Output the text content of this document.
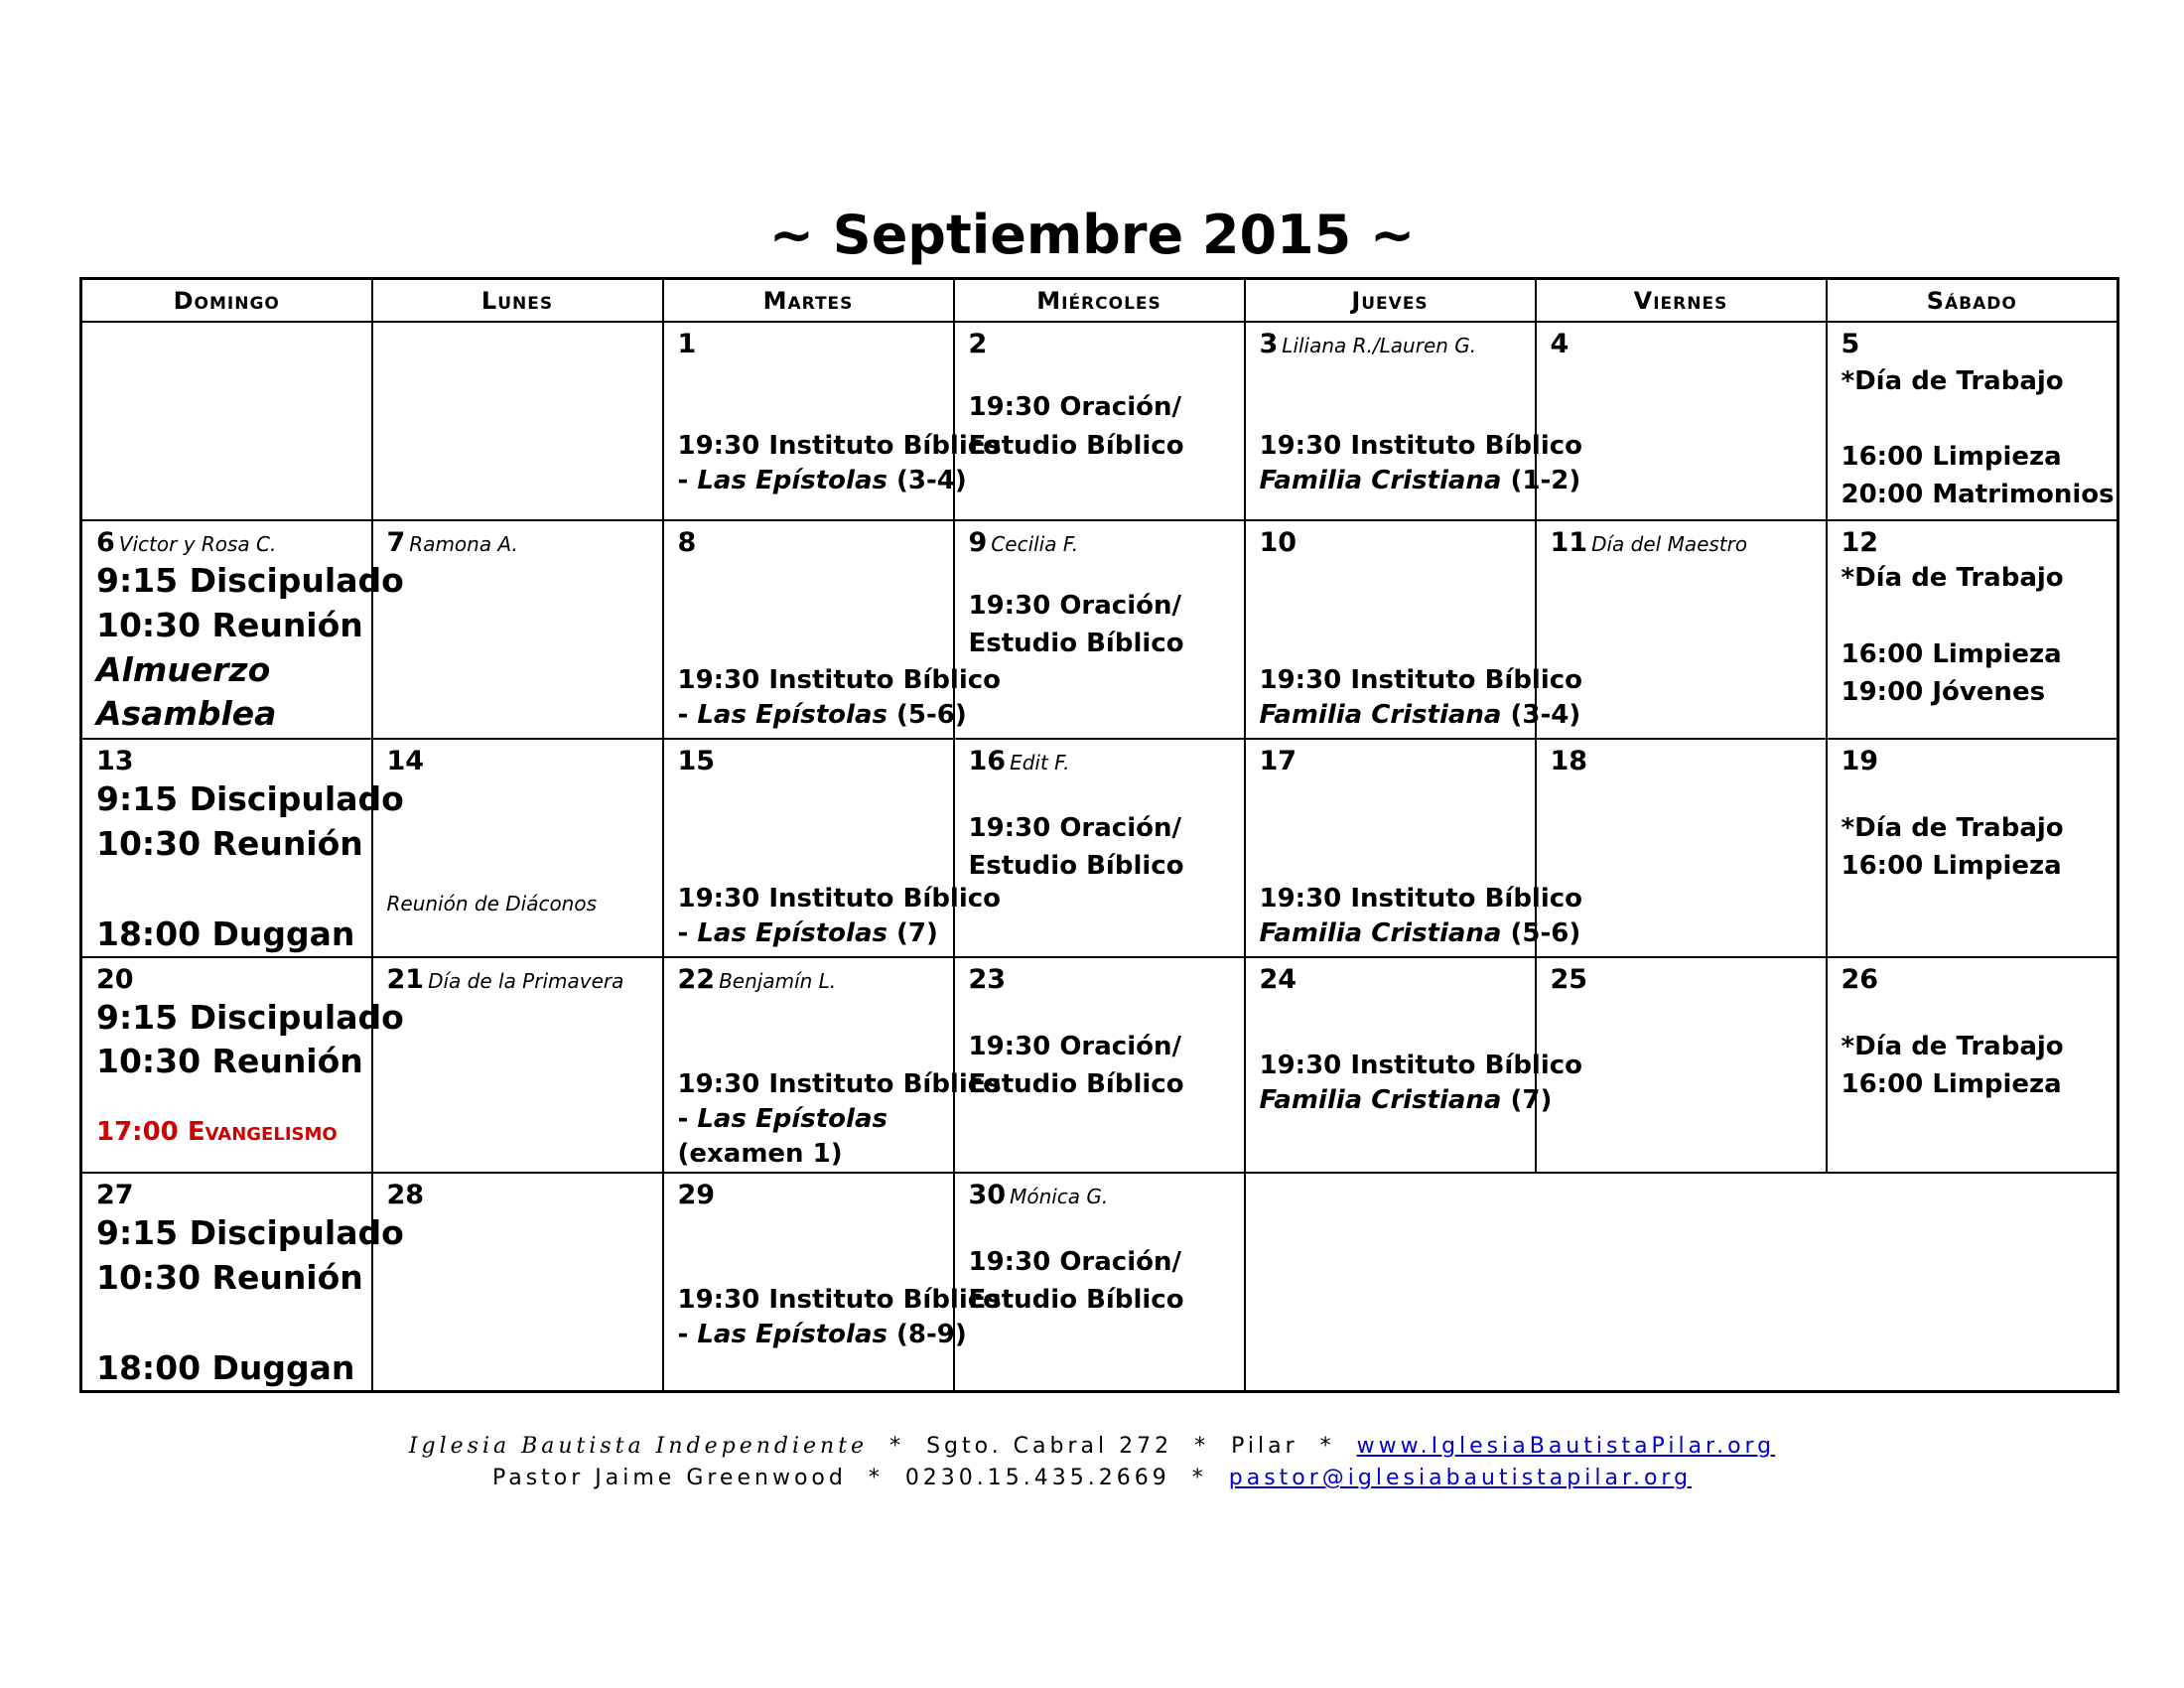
~ Septiembre 2015 ~
Domingo	Lunes	Martes	Miércoles	Jueves	Viernes	Sábado

		1
19:30 Instituto Bíblico
- Las Epístolas (3-4)	2
19:30 Oración/
Estudio Bíblico	3 Liliana R./Lauren G.
19:30 Instituto Bíblico
Familia Cristiana (1-2)	4	5
*Día de Trabajo
16:00 Limpieza
20:00 Matrimonios

6 Victor y Rosa C.
9:15 Discipulado
10:30 Reunión
Almuerzo
Asamblea	7 Ramona A.	8
19:30 Instituto Bíblico
- Las Epístolas (5-6)	9 Cecilia F.
19:30 Oración/
Estudio Bíblico	10
19:30 Instituto Bíblico
Familia Cristiana (3-4)	11 Día del Maestro	12
*Día de Trabajo
16:00 Limpieza
19:00 Jóvenes

13
9:15 Discipulado
10:30 Reunión
18:00 Duggan	14
Reunión de Diáconos	15
19:30 Instituto Bíblico
- Las Epístolas (7)	16 Edit F.
19:30 Oración/
Estudio Bíblico	17
19:30 Instituto Bíblico
Familia Cristiana (5-6)	18	19
*Día de Trabajo
16:00 Limpieza

20
9:15 Discipulado
10:30 Reunión
17:00 Evangelismo	21 Día de la Primavera	22 Benjamín L.
19:30 Instituto Bíblico
- Las Epístolas
(examen 1)	23
19:30 Oración/
Estudio Bíblico	24
19:30 Instituto Bíblico
Familia Cristiana (7)	25	26
*Día de Trabajo
16:00 Limpieza

27
9:15 Discipulado
10:30 Reunión
18:00 Duggan	28	29
19:30 Instituto Bíblico
- Las Epístolas (8-9)	30 Mónica G.
19:30 Oración/
Estudio Bíblico			

Iglesia Bautista Independiente  *  Sgto. Cabral 272  *  Pilar  *  www.IglesiaBautistaPilar.org
Pastor Jaime Greenwood  *  0230.15.435.2669  *  pastor@iglesiabautistapilar.org
